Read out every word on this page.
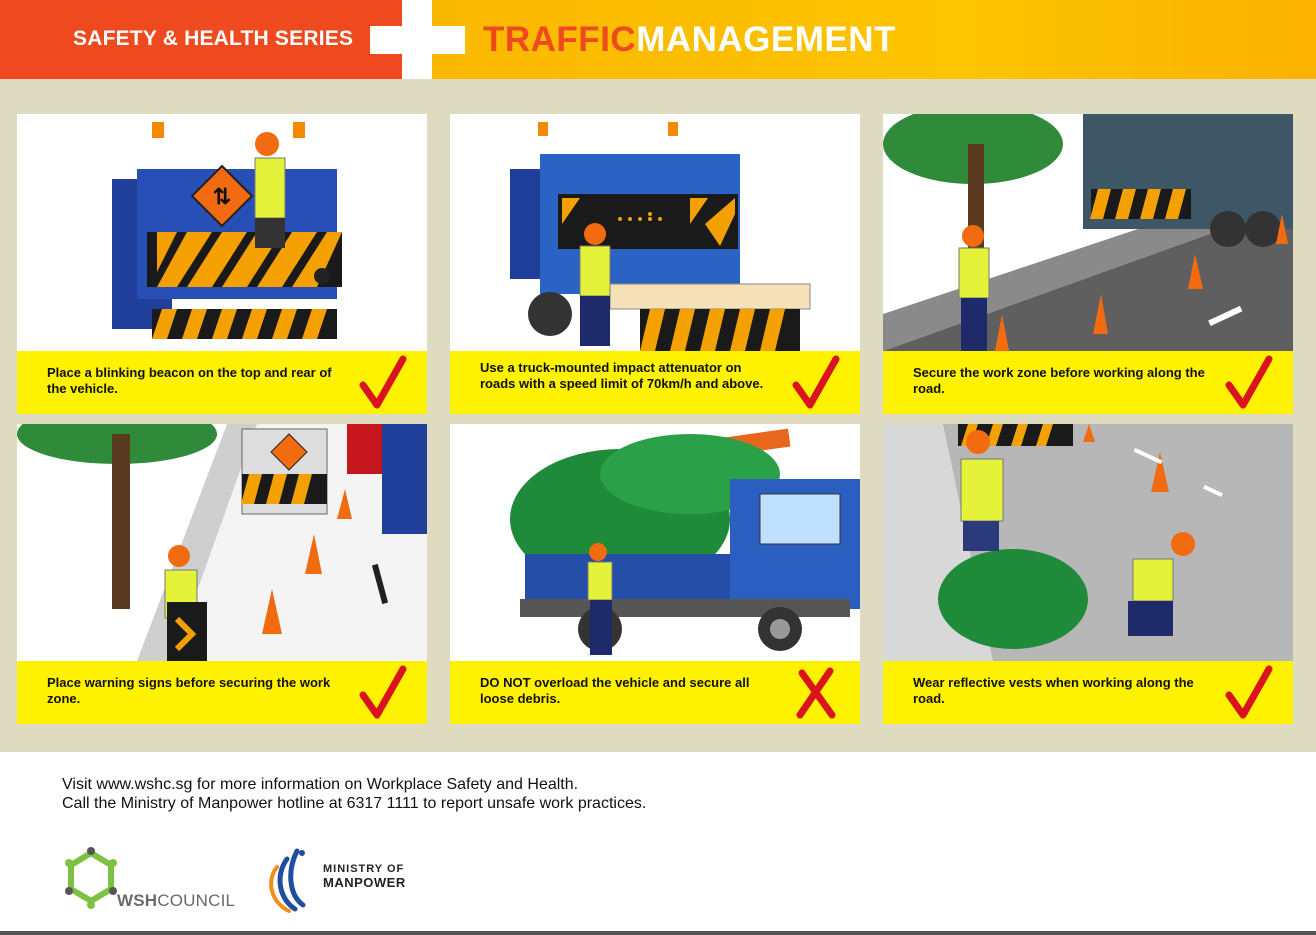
SAFETY & HEALTH SERIES	TRAFFICMANAGEMENT
⇅
Place a blinking beacon on the top and rear of the vehicle.
Use a truck-mounted impact attenuator on roads with a speed limit of 70km/h and above.
Secure the work zone before working along the road.
Place warning signs before securing the work zone.
DO NOT overload the vehicle and secure all loose debris.
Wear reflective vests when working along the road.
Visit www.wshc.sg for more information on Workplace Safety and Health.
Call the Ministry of Manpower hotline at 6317 1111 to report unsafe work practices.
WSHCOUNCIL
MINISTRY OF
MANPOWER
